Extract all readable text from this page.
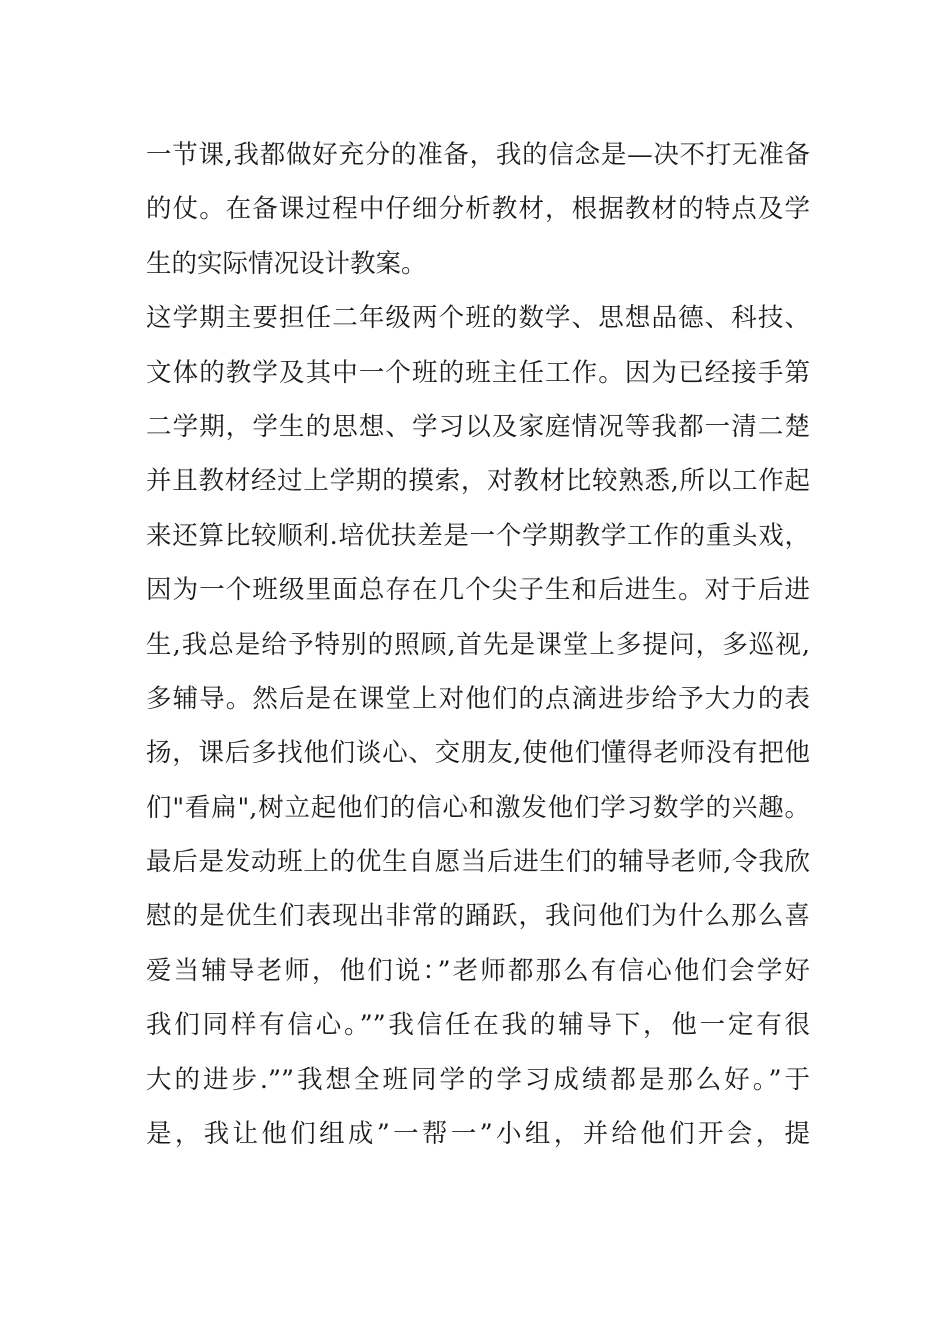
一节课,我都做好充分的准备，我的信念是—决不打无准备
的仗。在备课过程中仔细分析教材，根据教材的特点及学
生的实际情况设计教案。
这学期主要担任二年级两个班的数学、思想品德、科技、
文体的教学及其中一个班的班主任工作。因为已经接手第
二学期，学生的思想、学习以及家庭情况等我都一清二楚
并且教材经过上学期的摸索，对教材比较熟悉,所以工作起
来还算比较顺利.培优扶差是一个学期教学工作的重头戏，
因为一个班级里面总存在几个尖子生和后进生。对于后进
生,我总是给予特别的照顾,首先是课堂上多提问，多巡视,
多辅导。然后是在课堂上对他们的点滴进步给予大力的表
扬，课后多找他们谈心、交朋友,使他们懂得老师没有把他
们"看扁",树立起他们的信心和激发他们学习数学的兴趣。
最后是发动班上的优生自愿当后进生们的辅导老师,令我欣
慰的是优生们表现出非常的踊跃，我问他们为什么那么喜
爱当辅导老师，他们说：”老师都那么有信心他们会学好
我们同样有信心。””我信任在我的辅导下，他一定有很
大的进步.””我想全班同学的学习成绩都是那么好。”于
是，我让他们组成”一帮一”小组，并给他们开会，提
